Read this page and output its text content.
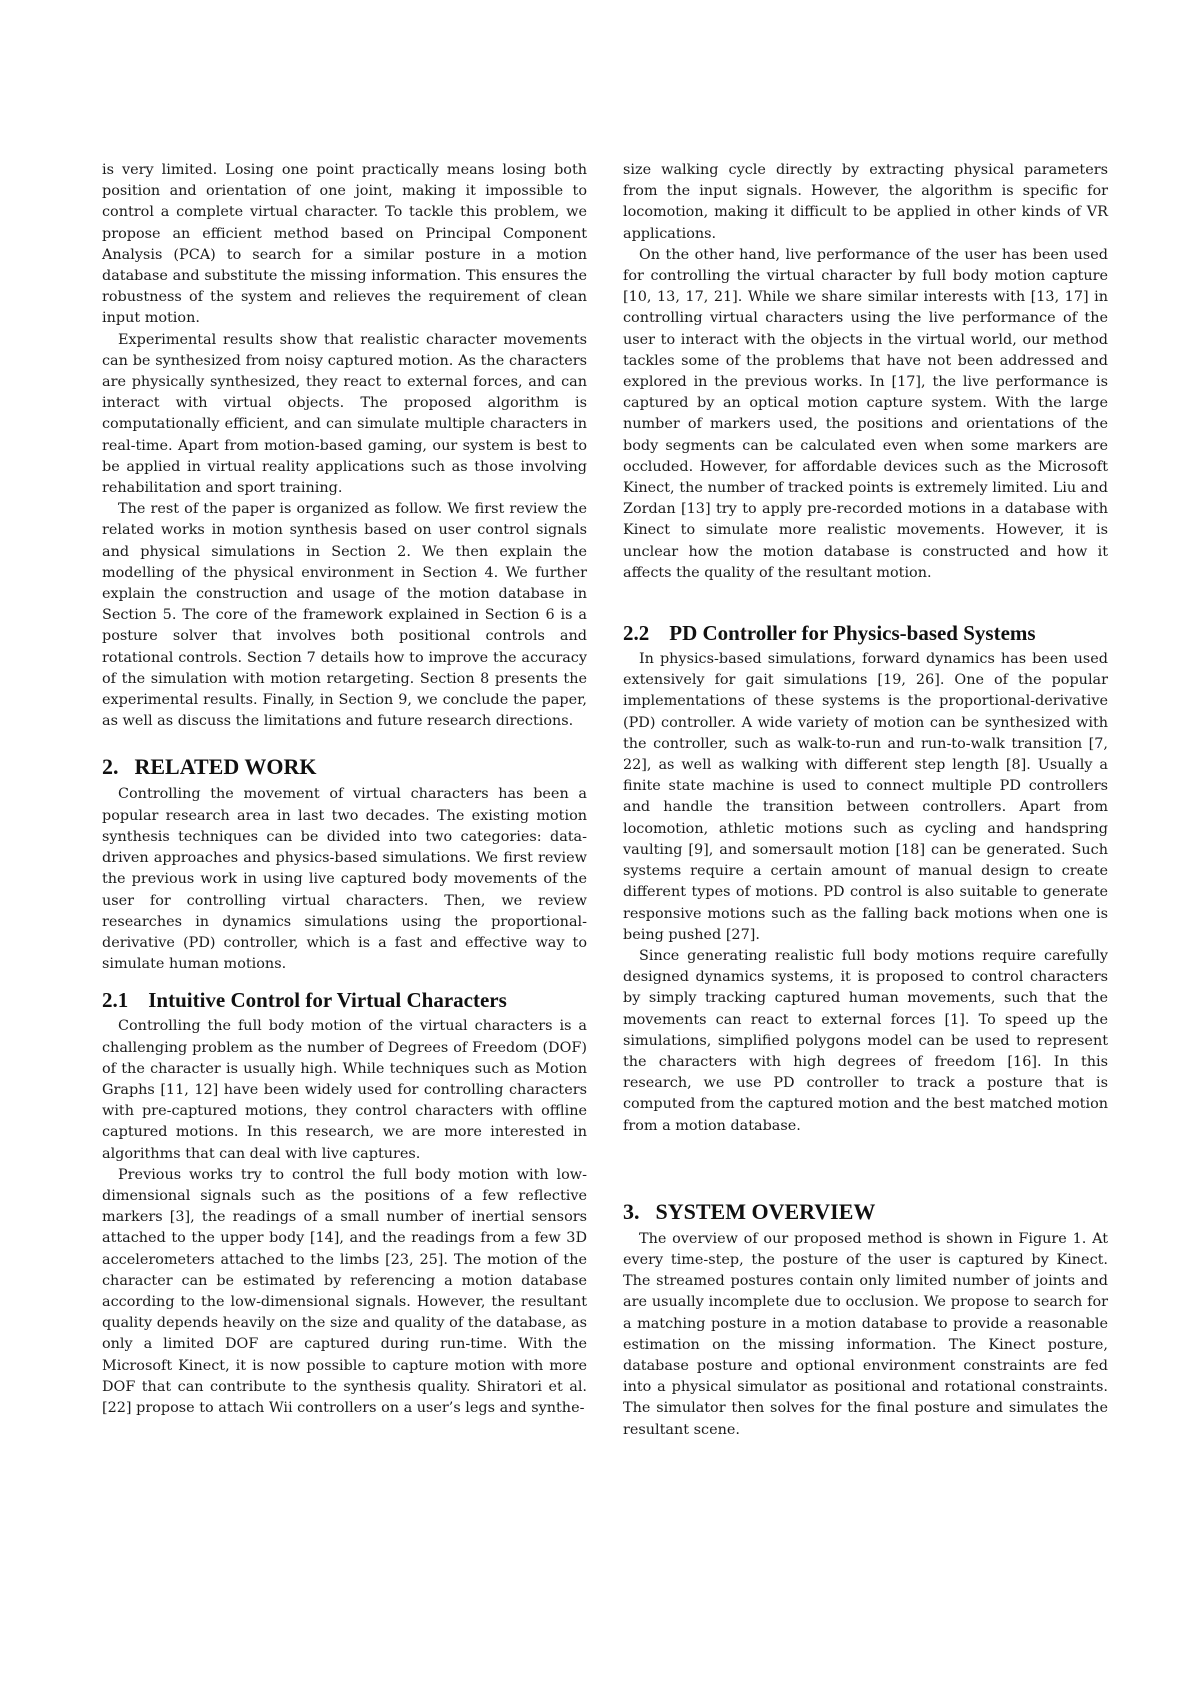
is very limited. Losing one point practically means losing both position and orientation of one joint, making it impossible to control a complete virtual character. To tackle this problem, we propose an efficient method based on Principal Component Analysis (PCA) to search for a similar posture in a motion database and substitute the missing information. This ensures the robustness of the system and relieves the requirement of clean input motion.

Experimental results show that realistic character movements can be synthesized from noisy captured motion. As the characters are physically synthesized, they react to external forces, and can interact with virtual objects. The proposed algorithm is computationally efficient, and can simulate multiple characters in real-time. Apart from motion-based gaming, our system is best to be applied in virtual reality applications such as those involving rehabilitation and sport training.

The rest of the paper is organized as follow. We first review the related works in motion synthesis based on user control signals and physical simulations in Section 2. We then explain the modelling of the physical environment in Section 4. We further explain the construction and usage of the motion database in Section 5. The core of the framework explained in Section 6 is a posture solver that involves both positional controls and rotational controls. Section 7 details how to improve the accuracy of the simulation with motion retargeting. Section 8 presents the experimental results. Finally, in Section 9, we conclude the paper, as well as discuss the limitations and future research directions.

2. RELATED WORK

Controlling the movement of virtual characters has been a popular research area in last two decades. The existing motion synthesis techniques can be divided into two categories: data-driven approaches and physics-based simulations. We first review the previous work in using live captured body movements of the user for controlling virtual characters. Then, we review researches in dynamics simulations using the proportional-derivative (PD) controller, which is a fast and effective way to simulate human motions.

2.1 Intuitive Control for Virtual Characters

Controlling the full body motion of the virtual characters is a challenging problem as the number of Degrees of Freedom (DOF) of the character is usually high. While techniques such as Motion Graphs [11, 12] have been widely used for controlling characters with pre-captured motions, they control characters with offline captured motions. In this research, we are more interested in algorithms that can deal with live captures.

Previous works try to control the full body motion with low-dimensional signals such as the positions of a few reflective markers [3], the readings of a small number of inertial sensors attached to the upper body [14], and the readings from a few 3D accelerometers attached to the limbs [23, 25]. The motion of the character can be estimated by referencing a motion database according to the low-dimensional signals. However, the resultant quality depends heavily on the size and quality of the database, as only a limited DOF are captured during run-time. With the Microsoft Kinect, it is now possible to capture motion with more DOF that can contribute to the synthesis quality. Shiratori et al. [22] propose to attach Wii controllers on a user’s legs and synthe-

size walking cycle directly by extracting physical parameters from the input signals. However, the algorithm is specific for locomotion, making it difficult to be applied in other kinds of VR applications.

On the other hand, live performance of the user has been used for controlling the virtual character by full body motion capture [10, 13, 17, 21]. While we share similar interests with [13, 17] in controlling virtual characters using the live performance of the user to interact with the objects in the virtual world, our method tackles some of the problems that have not been addressed and explored in the previous works. In [17], the live performance is captured by an optical motion capture system. With the large number of markers used, the positions and orientations of the body segments can be calculated even when some markers are occluded. However, for affordable devices such as the Microsoft Kinect, the number of tracked points is extremely limited. Liu and Zordan [13] try to apply pre-recorded motions in a database with Kinect to simulate more realistic movements. However, it is unclear how the motion database is constructed and how it affects the quality of the resultant motion.

2.2 PD Controller for Physics-based Systems

In physics-based simulations, forward dynamics has been used extensively for gait simulations [19, 26]. One of the popular implementations of these systems is the proportional-derivative (PD) controller. A wide variety of motion can be synthesized with the controller, such as walk-to-run and run-to-walk transition [7, 22], as well as walking with different step length [8]. Usually a finite state machine is used to connect multiple PD controllers and handle the transition between controllers. Apart from locomotion, athletic motions such as cycling and handspring vaulting [9], and somersault motion [18] can be generated. Such systems require a certain amount of manual design to create different types of motions. PD control is also suitable to generate responsive motions such as the falling back motions when one is being pushed [27].

Since generating realistic full body motions require carefully designed dynamics systems, it is proposed to control characters by simply tracking captured human movements, such that the movements can react to external forces [1]. To speed up the simulations, simplified polygons model can be used to represent the characters with high degrees of freedom [16]. In this research, we use PD controller to track a posture that is computed from the captured motion and the best matched motion from a motion database.

3. SYSTEM OVERVIEW

The overview of our proposed method is shown in Figure 1. At every time-step, the posture of the user is captured by Kinect. The streamed postures contain only limited number of joints and are usually incomplete due to occlusion. We propose to search for a matching posture in a motion database to provide a reasonable estimation on the missing information. The Kinect posture, database posture and optional environment constraints are fed into a physical simulator as positional and rotational constraints. The simulator then solves for the final posture and simulates the resultant scene.
